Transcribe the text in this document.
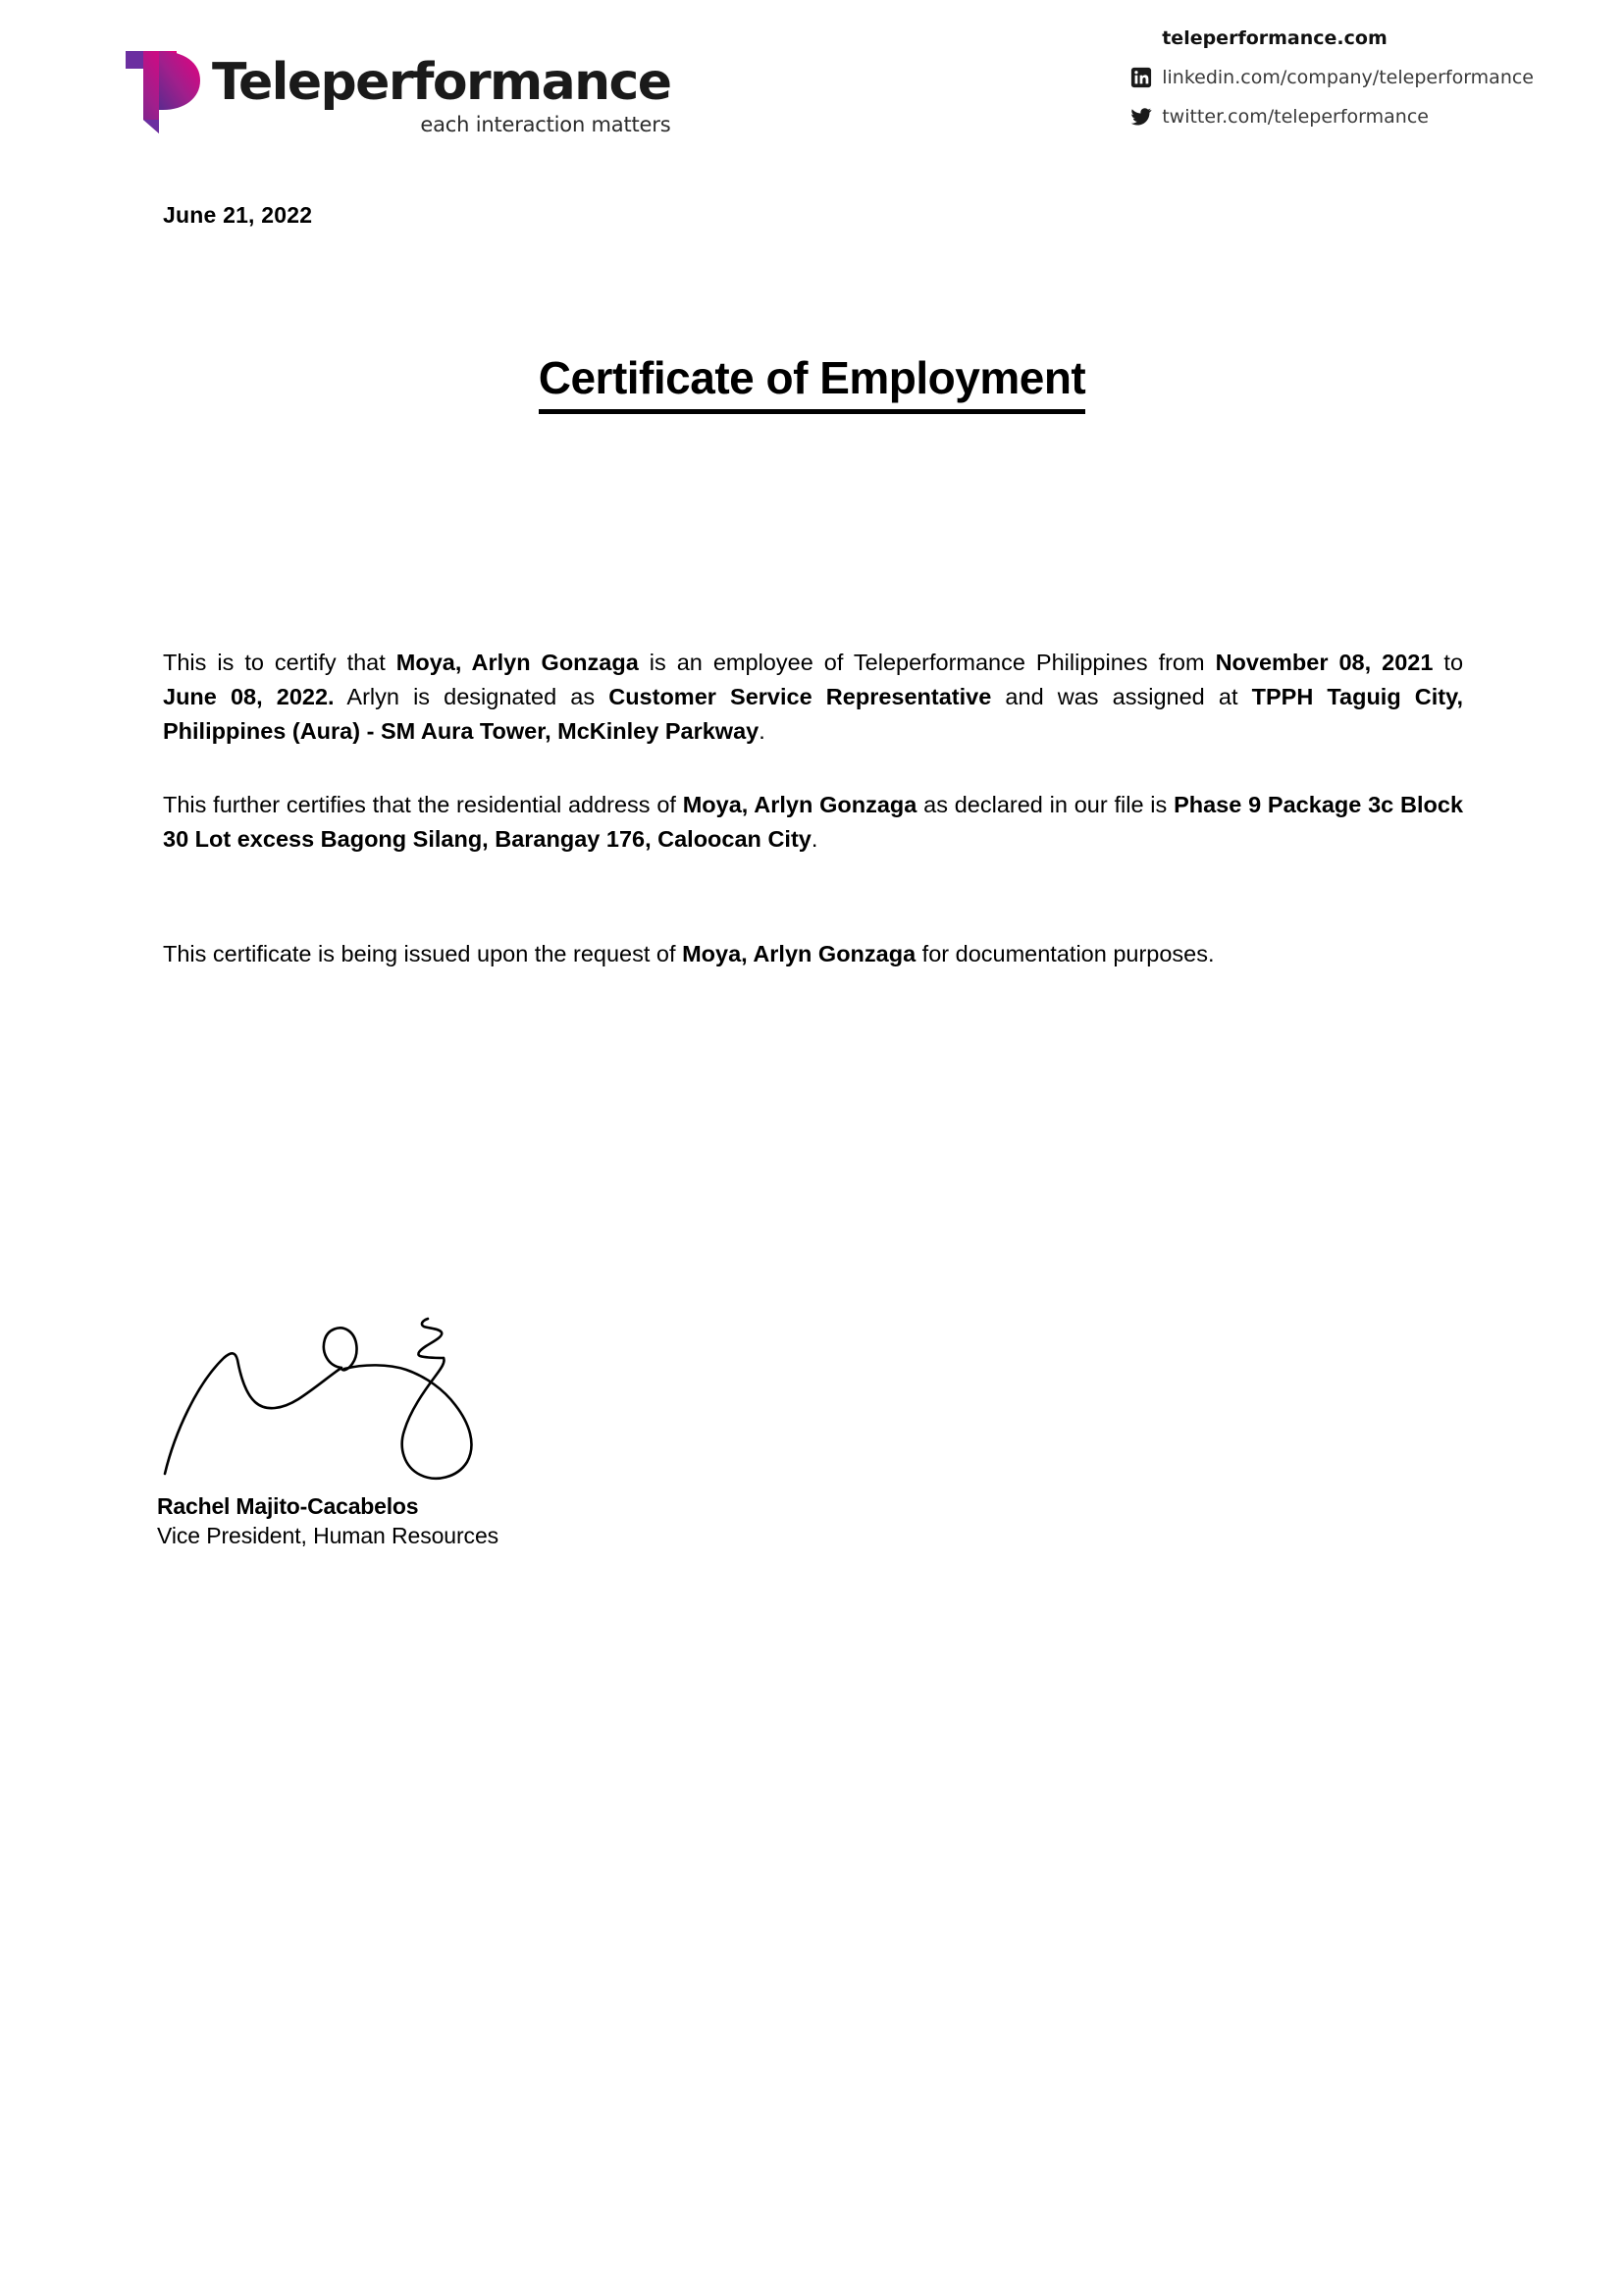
Teleperformance
each interaction matters
teleperformance.com
linkedin.com/company/teleperformance
twitter.com/teleperformance
June 21, 2022
Certificate of Employment
This is to certify that Moya, Arlyn Gonzaga is an employee of Teleperformance Philippines from November 08, 2021 to June 08, 2022. Arlyn is designated as Customer Service Representative and was assigned at TPPH Taguig City, Philippines (Aura) - SM Aura Tower, McKinley Parkway.
This further certifies that the residential address of Moya, Arlyn Gonzaga as declared in our file is Phase 9 Package 3c Block 30 Lot excess Bagong Silang, Barangay 176, Caloocan City.
This certificate is being issued upon the request of Moya, Arlyn Gonzaga for documentation purposes.
Rachel Majito-Cacabelos
Vice President, Human Resources
